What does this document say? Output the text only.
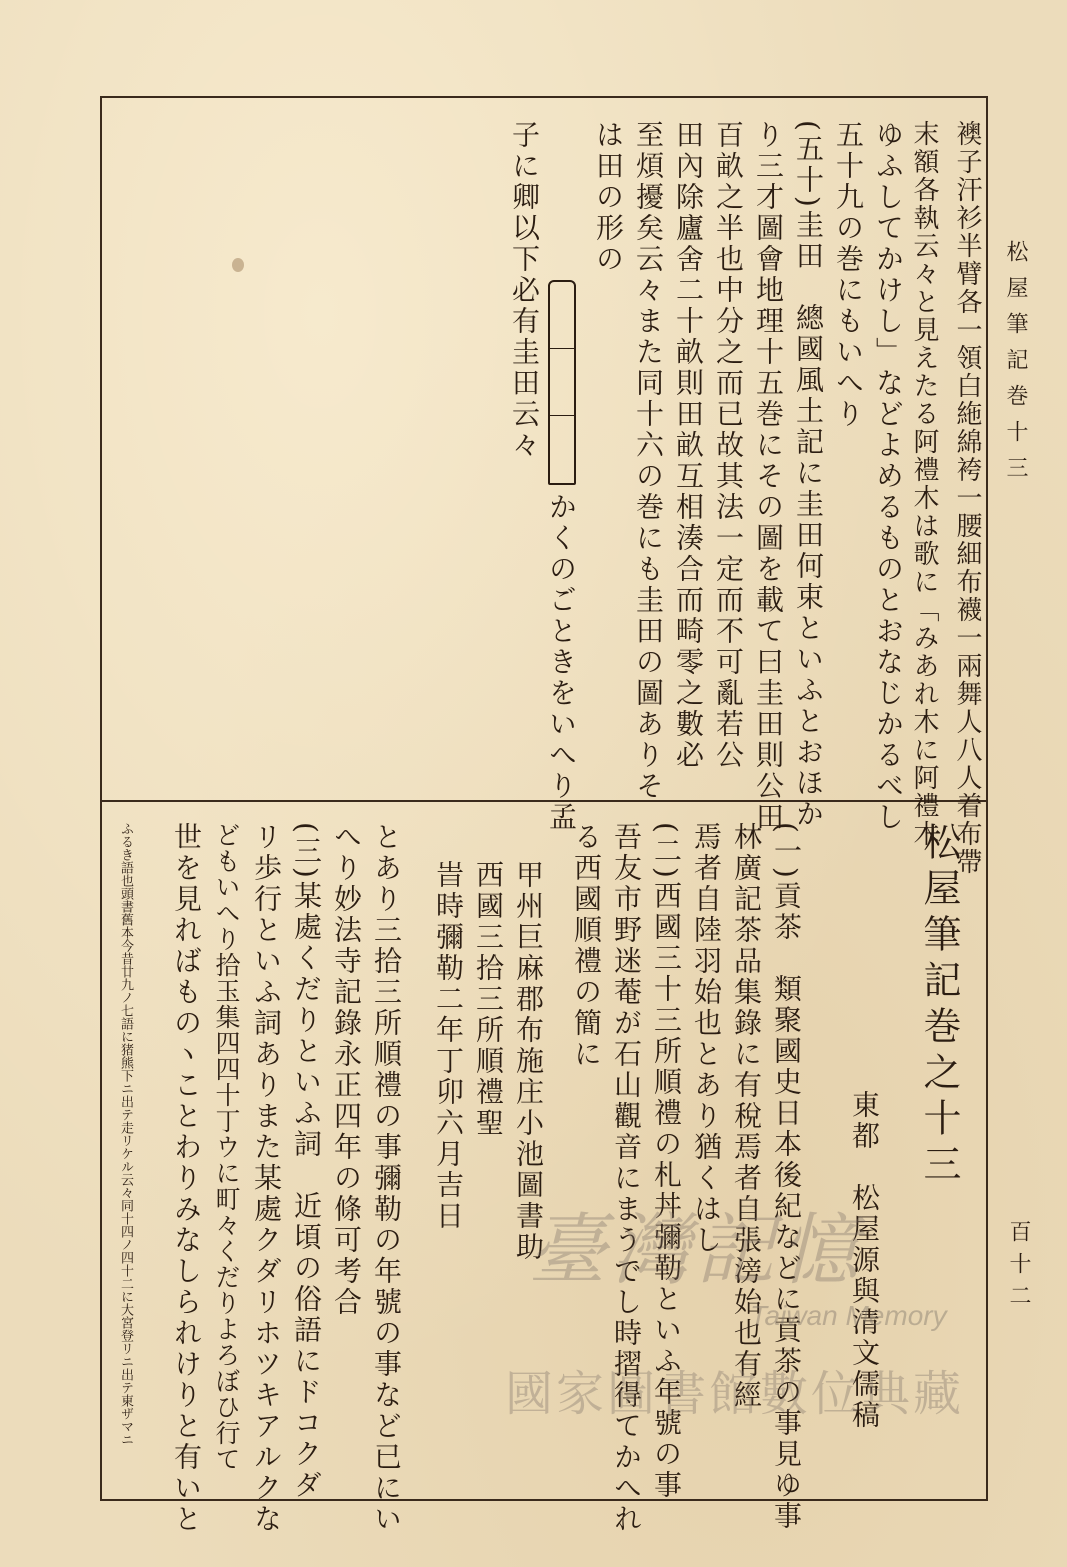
松屋筆記巻十三
百十二
襖子汗衫半臂各一領白絁綿袴一腰細布襪一兩舞人八人着布帶
末額各執云々と見えたる阿禮木は歌に「みあれ木に阿禮木
ゆふしてかけし」などよめるものとおなじかるべし
五十九の巻にもいへり
(五十)圭田　總國風土記に圭田何束といふとおほか
り三才圖會地理十五巻にその圖を載て曰圭田則公田
百畝之半也中分之而已故其法一定而不可亂若公
田內除廬舍二十畝則田畝互相湊合而畸零之數必
至煩擾矣云々また同十六の巻にも圭田の圖ありそ
は田の形の
かくのごときをいへり孟
子に卿以下必有圭田云々
松屋筆記巻之十三
東都　松屋源與清文儒稿
(一)貢茶　類聚國史日本後紀などに貢茶の事見ゆ事
林廣記茶品集錄に有稅焉者自張滂始也有經
焉者自陸羽始也とあり猶くはし
(二)西國三十三所順禮の札丼彌勒といふ年號の事
吾友市野迷菴が石山觀音にまうでし時摺得てかへれ
る西國順禮の簡に
甲州巨麻郡布施庄小池圖書助
西國三拾三所順禮聖
旹時彌勒二年丁卯六月吉日
とあり三拾三所順禮の事彌勒の年號の事など已にい
へり妙法寺記錄永正四年の條可考合
(三)某處くだりといふ詞　近頃の俗語にドコクダ
リ歩行といふ詞ありまた某處クダリホツキアルクな
どもいへり拾玉集四四十丁ウに町々くだりよろぼひ行て
世を見ればものヽことわりみなしられけりと有いと
ふるき語也頭書舊本今昔廿九ノ七語に猪熊下ニ出テ走リケル云々同十四ノ四十二に大宮登リニ出テ東ザマニ	臺灣記憶
Taiwan Memory
國家圖書館數位典藏
